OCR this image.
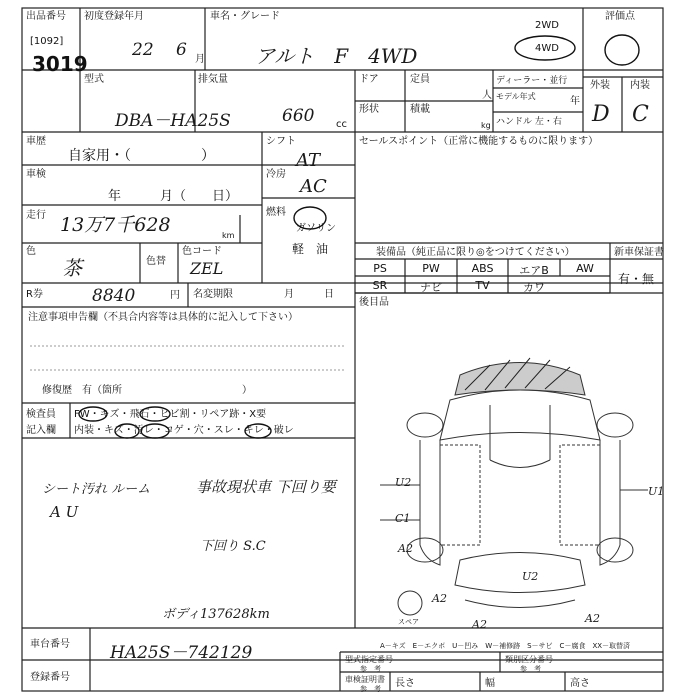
出品番号
[1092]
3019
初度登録年月
22 6 月
車名・グレード
アルト　F　4WD
2WD
4WD
評価点
型式
DBA－HA25S
排気量
660 cc
ドア	定員
人
形状	積載
kg
ディーラー・並行
モデル年式	年
ハンドル 左・右
外装 内装
D C
車歴
自家用・（　　　　　）
シフト
AT
車検
年　　　月（　　日）
冷房
AC
走行 13万7千628	km
燃料
ガソリン
軽　油
色
茶	色替
色コード
ZEL
セールスポイント（正常に機能するものに限ります）
装備品（純正品に限り◎をつけてください）	新車保証書
有・無
PS	PW	ABS	エアB	AW
SR	ナビ	TV	カワ
後目品
R券	8840	円 名変期限	月　　　日
注意事項申告欄（不具合内容等は具体的に記入して下さい）
修復歴　有（箇所　　　　　　　　　　　　）
検査員
記入欄
FW・キズ・飛石・ヒビ割・リペア跡・X要
内装・キズ・汚レ・コゲ・穴・スレ・キレ・破レ
シート汚れ ルーム
A U
事故現状車 下回り要
下回り S.C
ボディ137628km
U1
U2
C1
A2
U2
A2
A2	A2
スペア
A－キズ　E－エクボ　U－凹み　W－補修跡　S－サビ　C－腐食　XX－取替済
車台番号 HA25S－742129
登録番号
型式指定番号
参　考
類別区分番号
参　考
車検証明書
参　考 長さ	幅	高さ
